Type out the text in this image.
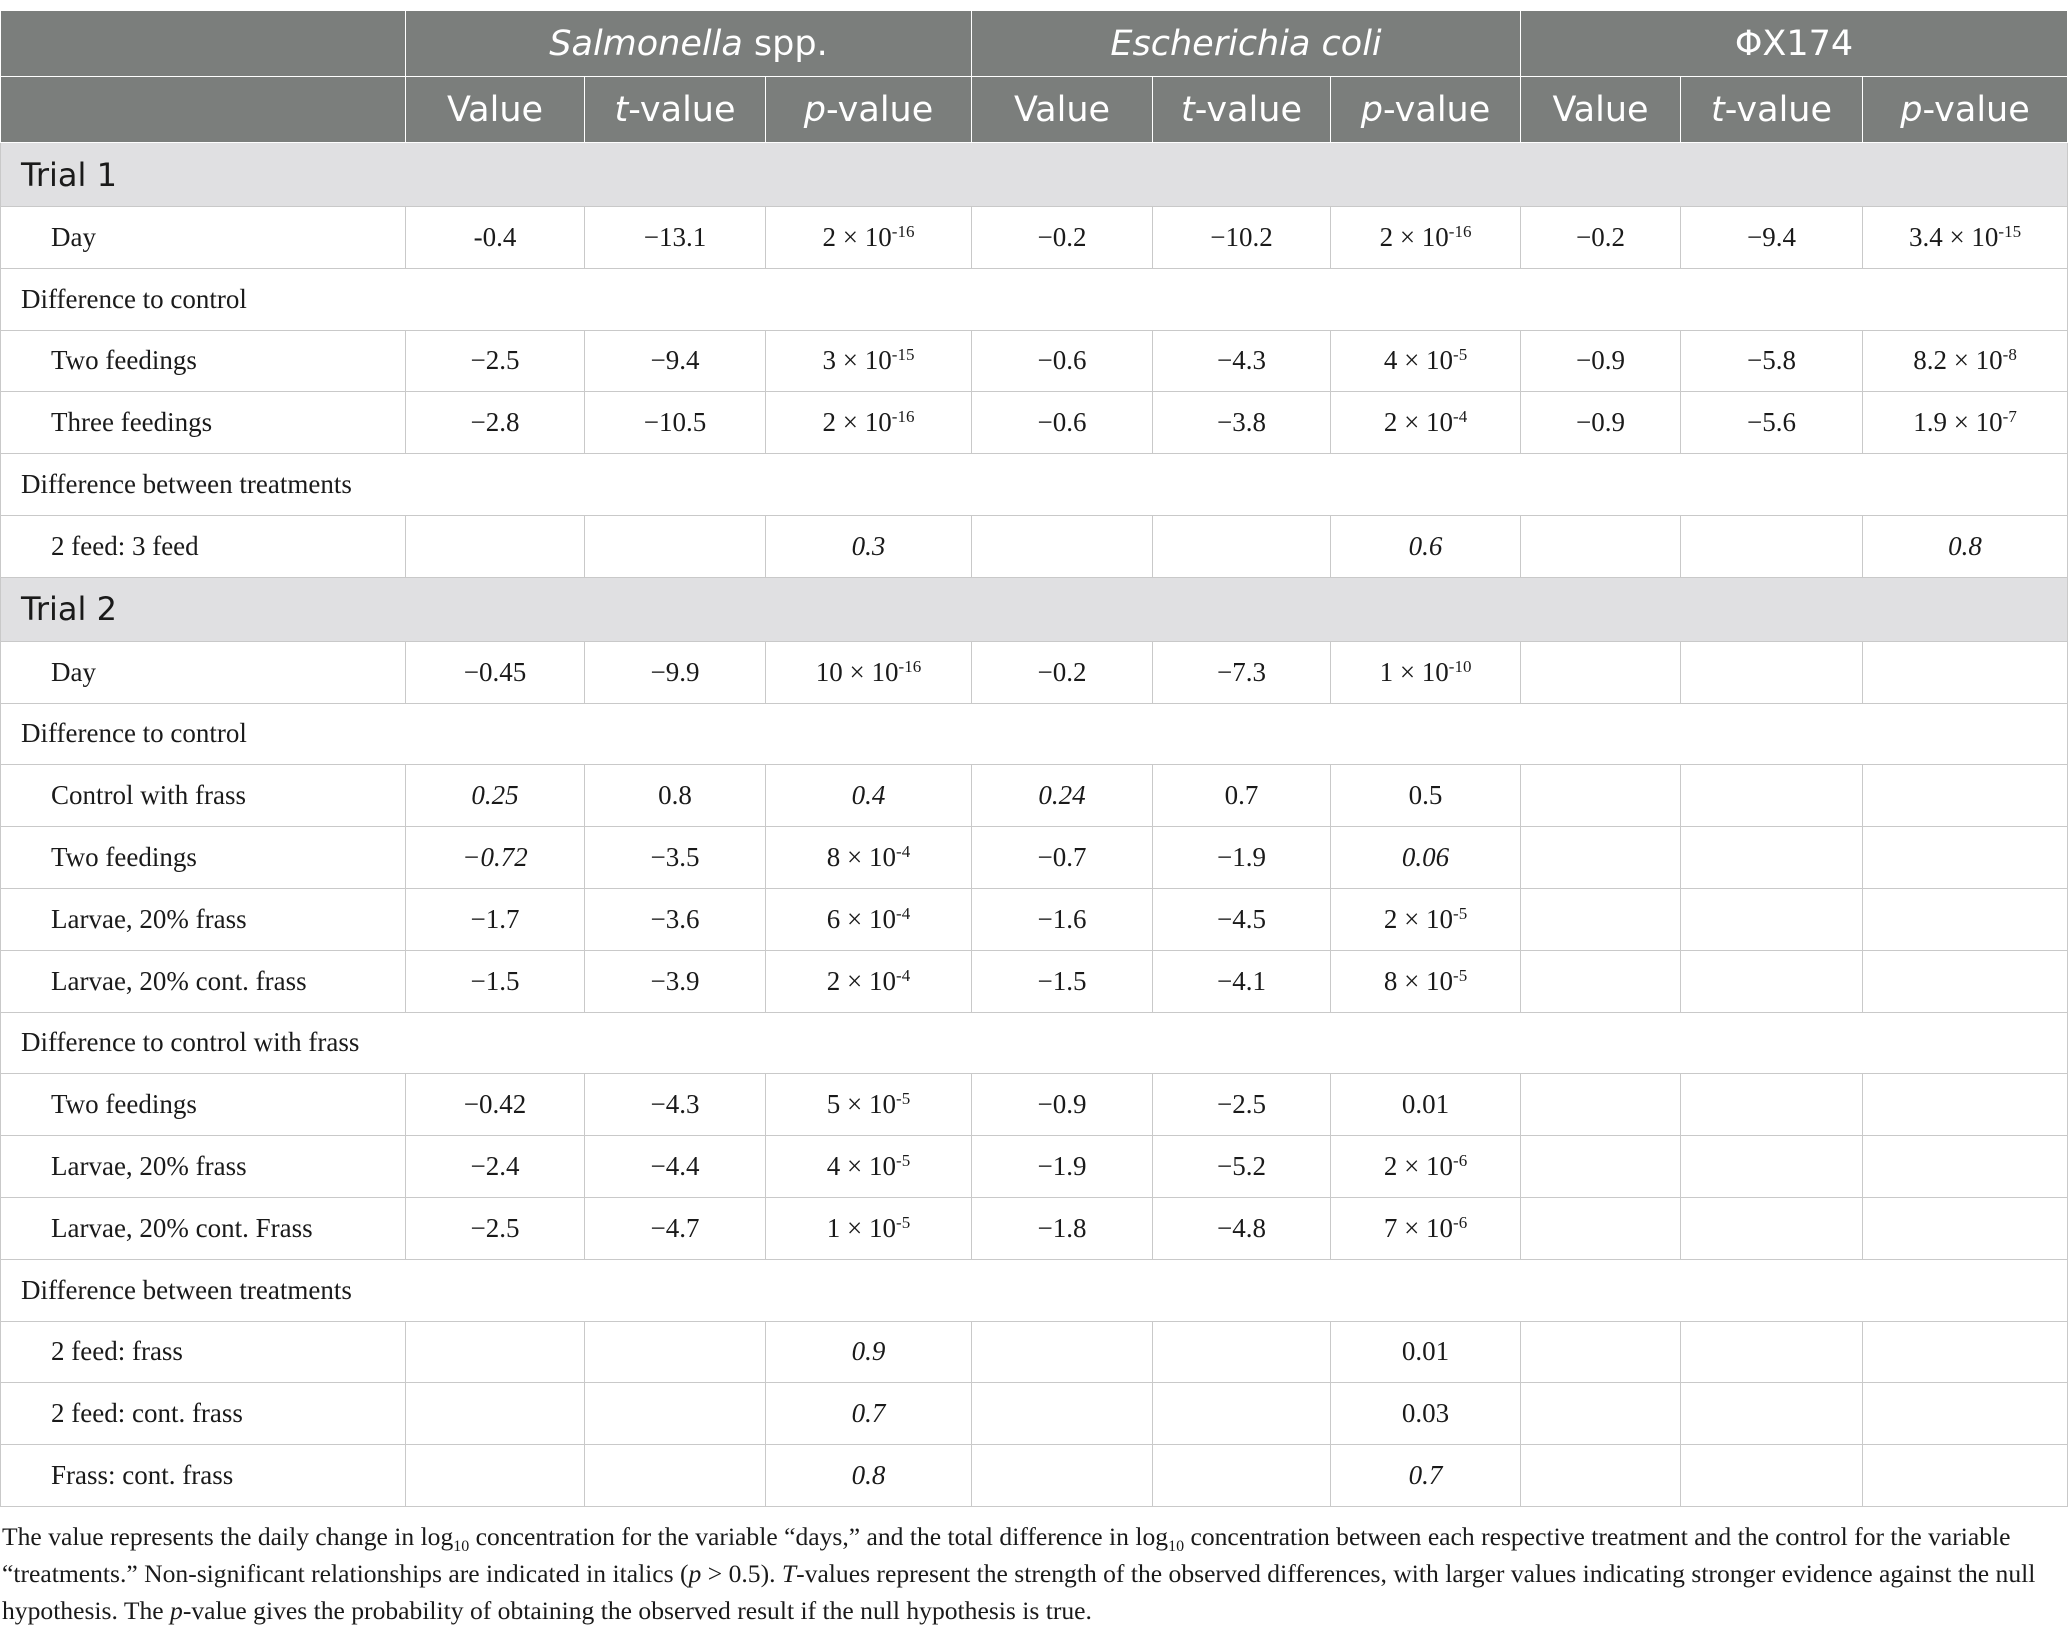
	Salmonella spp.			Escherichia coli			ΦX174		
	Value	t-value	p-value	Value	t-value	p-value	Value	t-value	p-value
Trial 1									
Day	-0.4	−13.1	$2 \times 10^{-16}$	−0.2	−10.2	$2 \times 10^{-16}$	−0.2	−9.4	$3.4 \times 10^{-15}$
Difference to control									
Two feedings	−2.5	−9.4	$3 \times 10^{-15}$	−0.6	−4.3	$4 \times 10^{-5}$	−0.9	−5.8	$8.2 \times 10^{-8}$
Three feedings	−2.8	−10.5	$2 \times 10^{-16}$	−0.6	−3.8	$2 \times 10^{-4}$	−0.9	−5.6	$1.9 \times 10^{-7}$
Difference between treatments									
2 feed: 3 feed			0.3			0.6			0.8
Trial 2									
Day	−0.45	−9.9	$10 \times 10^{-16}$	−0.2	−7.3	$1 \times 10^{-10}$			
Difference to control									
Control with frass	0.25	0.8	0.4	0.24	0.7	0.5			
Two feedings	−0.72	−3.5	$8 \times 10^{-4}$	−0.7	−1.9	0.06			
Larvae, 20% frass	−1.7	−3.6	$6 \times 10^{-4}$	−1.6	−4.5	$2 \times 10^{-5}$			
Larvae, 20% cont. frass	−1.5	−3.9	$2 \times 10^{-4}$	−1.5	−4.1	$8 \times 10^{-5}$			
Difference to control with frass									
Two feedings	−0.42	−4.3	$5 \times 10^{-5}$	−0.9	−2.5	0.01			
Larvae, 20% frass	−2.4	−4.4	$4 \times 10^{-5}$	−1.9	−5.2	$2 \times 10^{-6}$			
Larvae, 20% cont. Frass	−2.5	−4.7	$1 \times 10^{-5}$	−1.8	−4.8	$7 \times 10^{-6}$			
Difference between treatments									
2 feed: frass			0.9			0.01			
2 feed: cont. frass			0.7			0.03			
Frass: cont. frass			0.8			0.7			
The value represents the daily change in $\log_{10}$ concentration for the variable “days,” and the total difference in $\log_{10}$ concentration between each respective treatment and the control for the variable “treatments.” Non-significant relationships are indicated in italics (p > 0.5). T-values represent the strength of the observed differences, with larger values indicating stronger evidence against the null hypothesis. The p-value gives the probability of obtaining the observed result if the null hypothesis is true.
